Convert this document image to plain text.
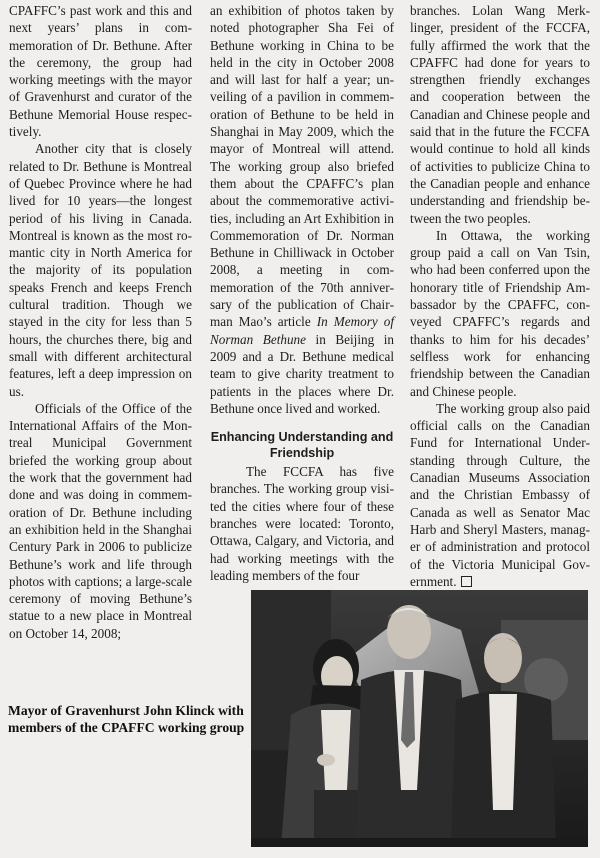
CPAFFC’s past work and this and next years’ plans in commemoration of Dr. Bethune. After the ceremony, the group had working meetings with the mayor of Gravenhurst and curator of the Bethune Memorial House respectively.

Another city that is closely related to Dr. Bethune is Montreal of Quebec Province where he had lived for 10 years—the longest period of his living in Canada. Montreal is known as the most romantic city in North America for the majority of its population speaks French and keeps French cultural tradition. Though we stayed in the city for less than 5 hours, the churches there, big and small with different architectural features, left a deep impression on us.

Officials of the Office of the International Affairs of the Montreal Municipal Government briefed the working group about the work that the government had done and was doing in commemoration of Dr. Bethune including an exhibition held in the Shanghai Century Park in 2006 to publicize Bethune’s work and life through photos with captions; a large-scale ceremony of moving Bethune’s statue to a new place in Montreal on October 14, 2008;

an exhibition of photos taken by noted photographer Sha Fei of Bethune working in China to be held in the city in October 2008 and will last for half a year; unveiling of a pavilion in commemoration of Bethune to be held in Shanghai in May 2009, which the mayor of Montreal will attend. The working group also briefed them about the CPAFFC’s plan about the commemorative activities, including an Art Exhibition in Commemoration of Dr. Norman Bethune in Chilliwack in October 2008, a meeting in commemoration of the 70th anniversary of the publication of Chairman Mao’s article In Memory of Norman Bethune in Beijing in 2009 and a Dr. Bethune medical team to give charity treatment to patients in the places where Dr. Bethune once lived and worked.

Enhancing Understanding and Friendship

The FCCFA has five branches. The working group visited the cities where four of these branches were located: Toronto, Ottawa, Calgary, and Victoria, and had working meetings with the leading members of the four

branches. Lolan Wang Merklinger, president of the FCCFA, fully affirmed the work that the CPAFFC had done for years to strengthen friendly exchanges and cooperation between the Canadian and Chinese people and said that in the future the FCCFA would continue to hold all kinds of activities to publicize China to the Canadian people and enhance understanding and friendship between the two peoples.

In Ottawa, the working group paid a call on Van Tsin, who had been conferred upon the honorary title of Friendship Ambassador by the CPAFFC, conveyed CPAFFC’s regards and thanks to him for his decades’ selfless work for enhancing friendship between the Canadian and Chinese people.

The working group also paid official calls on the Canadian Fund for International Understanding through Culture, the Canadian Museums Association and the Christian Embassy of Canada as well as Senator Mac Harb and Sheryl Masters, manager of administration and protocol of the Victoria Municipal Government.

Mayor of Gravenhurst John Klinck with members of the CPAFFC working group
